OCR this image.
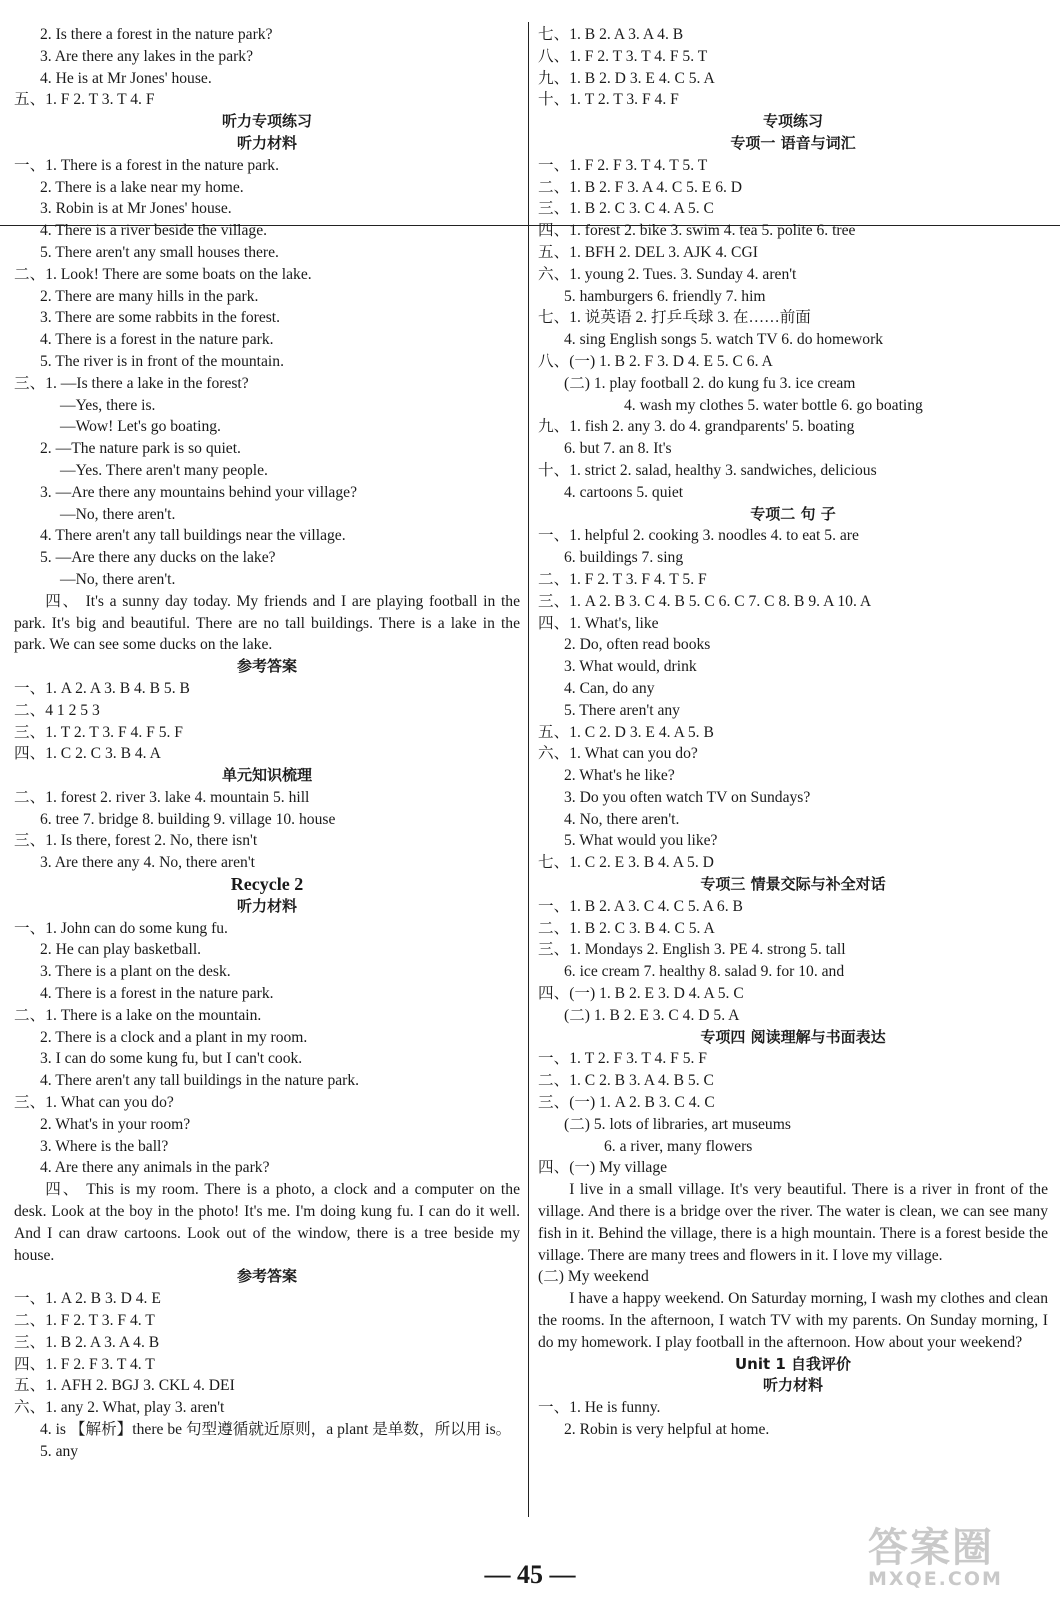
2. Is there a forest in the nature park?
3. Are there any lakes in the park?
4. He is at Mr Jones' house.
五、1. F 2. T 3. T 4. F
听力专项练习
听力材料
一、1. There is a forest in the nature park.
2. There is a lake near my home.
3. Robin is at Mr Jones' house.
4. There is a river beside the village.
5. There aren't any small houses there.
二、1. Look! There are some boats on the lake.
2. There are many hills in the park.
3. There are some rabbits in the forest.
4. There is a forest in the nature park.
5. The river is in front of the mountain.
三、1. —Is there a lake in the forest?
—Yes, there is.
—Wow! Let's go boating.
2. —The nature park is so quiet.
—Yes. There aren't many people.
3. —Are there any mountains behind your village?
—No, there aren't.
4. There aren't any tall buildings near the village.
5. —Are there any ducks on the lake?
—No, there aren't.
四、 It's a sunny day today. My friends and I are playing football in the park. It's big and beautiful. There are no tall buildings. There is a lake in the park. We can see some ducks on the lake.
参考答案
一、1. A 2. A 3. B 4. B 5. B
二、4 1 2 5 3
三、1. T 2. T 3. F 4. F 5. F
四、1. C 2. C 3. B 4. A
单元知识梳理
二、1. forest 2. river 3. lake 4. mountain 5. hill
6. tree 7. bridge 8. building 9. village 10. house
三、1. Is there, forest 2. No, there isn't
3. Are there any 4. No, there aren't
Recycle 2
听力材料
一、1. John can do some kung fu.
2. He can play basketball.
3. There is a plant on the desk.
4. There is a forest in the nature park.
二、1. There is a lake on the mountain.
2. There is a clock and a plant in my room.
3. I can do some kung fu, but I can't cook.
4. There aren't any tall buildings in the nature park.
三、1. What can you do?
2. What's in your room?
3. Where is the ball?
4. Are there any animals in the park?
四、 This is my room. There is a photo, a clock and a computer on the desk. Look at the boy in the photo! It's me. I'm doing kung fu. I can do it well. And I can draw cartoons. Look out of the window, there is a tree beside my house.
参考答案
一、1. A 2. B 3. D 4. E
二、1. F 2. T 3. F 4. T
三、1. B 2. A 3. A 4. B
四、1. F 2. F 3. T 4. T
五、1. AFH 2. BGJ 3. CKL 4. DEI
六、1. any 2. What, play 3. aren't
4. is 【解析】there be 句型遵循就近原则，a plant 是单数，所以用 is。
5. any
七、1. B 2. A 3. A 4. B
八、1. F 2. T 3. T 4. F 5. T
九、1. B 2. D 3. E 4. C 5. A
十、1. T 2. T 3. F 4. F
专项练习
专项一 语音与词汇
一、1. F 2. F 3. T 4. T 5. T
二、1. B 2. F 3. A 4. C 5. E 6. D
三、1. B 2. C 3. C 4. A 5. C
四、1. forest 2. bike 3. swim 4. tea 5. polite 6. tree
五、1. BFH 2. DEL 3. AJK 4. CGI
六、1. young 2. Tues. 3. Sunday 4. aren't
5. hamburgers 6. friendly 7. him
七、1. 说英语 2. 打乒乓球 3. 在……前面
4. sing English songs 5. watch TV 6. do homework
八、(一) 1. B 2. F 3. D 4. E 5. C 6. A
(二) 1. play football 2. do kung fu 3. ice cream
4. wash my clothes 5. water bottle 6. go boating
九、1. fish 2. any 3. do 4. grandparents' 5. boating
6. but 7. an 8. It's
十、1. strict 2. salad, healthy 3. sandwiches, delicious
4. cartoons 5. quiet
专项二 句 子
一、1. helpful 2. cooking 3. noodles 4. to eat 5. are
6. buildings 7. sing
二、1. F 2. T 3. F 4. T 5. F
三、1. A 2. B 3. C 4. B 5. C 6. C 7. C 8. B 9. A 10. A
四、1. What's, like
2. Do, often read books
3. What would, drink
4. Can, do any
5. There aren't any
五、1. C 2. D 3. E 4. A 5. B
六、1. What can you do?
2. What's he like?
3. Do you often watch TV on Sundays?
4. No, there aren't.
5. What would you like?
七、1. C 2. E 3. B 4. A 5. D
专项三 情景交际与补全对话
一、1. B 2. A 3. C 4. C 5. A 6. B
二、1. B 2. C 3. B 4. C 5. A
三、1. Mondays 2. English 3. PE 4. strong 5. tall
6. ice cream 7. healthy 8. salad 9. for 10. and
四、(一) 1. B 2. E 3. D 4. A 5. C
(二) 1. B 2. E 3. C 4. D 5. A
专项四 阅读理解与书面表达
一、1. T 2. F 3. T 4. F 5. F
二、1. C 2. B 3. A 4. B 5. C
三、(一) 1. A 2. B 3. C 4. C
(二) 5. lots of libraries, art museums
6. a river, many flowers
四、(一) My village
I live in a small village. It's very beautiful. There is a river in front of the village. And there is a bridge over the river. The water is clean, we can see many fish in it. Behind the village, there is a high mountain. There is a forest beside the village. There are many trees and flowers in it. I love my village.
(二) My weekend
I have a happy weekend. On Saturday morning, I wash my clothes and clean the rooms. In the afternoon, I watch TV with my parents. On Sunday morning, I do my homework. I play football in the afternoon. How about your weekend?
Unit 1 自我评价
听力材料
一、1. He is funny.
2. Robin is very helpful at home.
— 45 —
答案圈
MXQE.COM
